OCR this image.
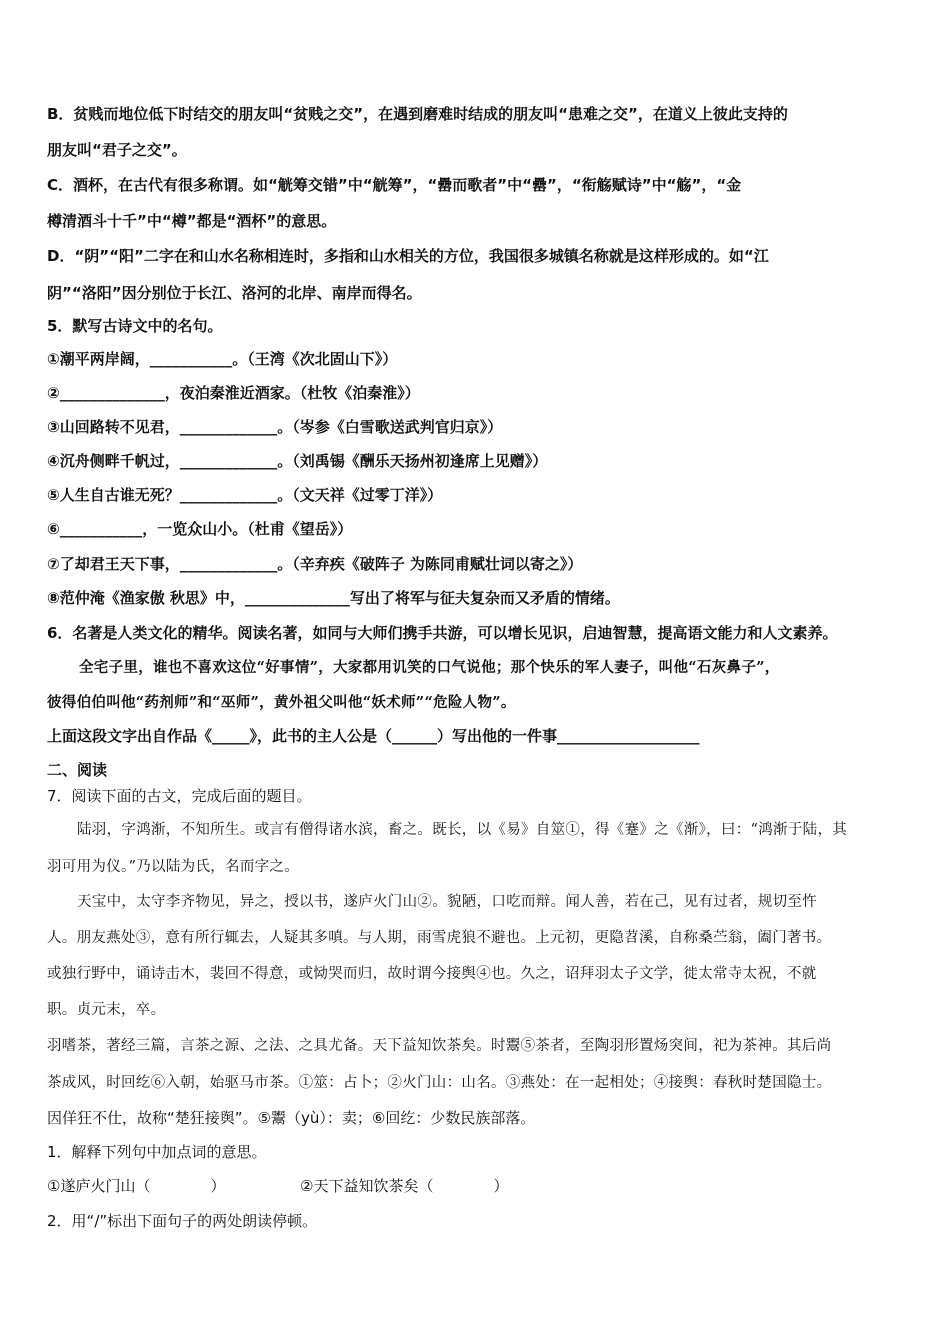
B．贫贱而地位低下时结交的朋友叫“贫贱之交”，在遇到磨难时结成的朋友叫“患难之交”，在道义上彼此支持的
朋友叫“君子之交”。
C．酒杯，在古代有很多称谓。如“觥筹交错”中“觥筹”，“罍而歌者”中“罍”，“衔觞赋诗”中“觞”，“金
樽清酒斗十千”中“樽”都是“酒杯”的意思。
D．“阴”“阳”二字在和山水名称相连时，多指和山水相关的方位，我国很多城镇名称就是这样形成的。如“江
阴”“洛阳”因分别位于长江、洛河的北岸、南岸而得名。
5．默写古诗文中的名句。
①潮平两岸阔，___________。（王湾《次北固山下》）
②______________，夜泊秦淮近酒家。（杜牧《泊秦淮》）
③山回路转不见君，_____________。（岑参《白雪歌送武判官归京》）
④沉舟侧畔千帆过，_____________。（刘禹锡《酬乐天扬州初逢席上见赠》）
⑤人生自古谁无死？_____________。（文天祥《过零丁洋》）
⑥___________，一览众山小。（杜甫《望岳》）
⑦了却君王天下事，_____________。（辛弃疾《破阵子 为陈同甫赋壮词以寄之》）
⑧范仲淹《渔家傲 秋思》中，______________写出了将军与征夫复杂而又矛盾的情绪。
6．名著是人类文化的精华。阅读名著，如同与大师们携手共游，可以增长见识，启迪智慧，提高语文能力和人文素养。
全宅子里，谁也不喜欢这位“好事情”，大家都用讥笑的口气说他；那个快乐的军人妻子，叫他“石灰鼻子”，
彼得伯伯叫他“药剂师”和“巫师”，黄外祖父叫他“妖术师”“危险人物”。
上面这段文字出自作品《_____》，此书的主人公是（______）写出他的一件事___________________
二、阅读
7．阅读下面的古文，完成后面的题目。
陆羽，字鸿渐，不知所生。或言有僧得诸水滨，畜之。既长，以《易》自筮①，得《蹇》之《渐》，曰：“鸿渐于陆，其
羽可用为仪。”乃以陆为氏，名而字之。
天宝中，太守李齐物见，异之，授以书，遂庐火门山②。貌陋，口吃而辩。闻人善，若在己，见有过者，规切至忤
人。朋友燕处③，意有所行辄去，人疑其多嗔。与人期，雨雪虎狼不避也。上元初，更隐苕溪，自称桑苎翁，阖门著书。
或独行野中，诵诗击木，裴回不得意，或恸哭而归，故时谓今接舆④也。久之，诏拜羽太子文学，徙太常寺太祝，不就
职。贞元末，卒。
羽嗜茶，著经三篇，言茶之源、之法、之具尤备。天下益知饮茶矣。时鬻⑤茶者，至陶羽形置炀突间，祀为茶神。其后尚
茶成风，时回纥⑥入朝，始驱马市茶。①筮：占卜；②火门山：山名。③燕处：在一起相处；④接舆：春秋时楚国隐士。
因佯狂不仕，故称“楚狂接舆”。⑤鬻（yù）：卖；⑥回纥：少数民族部落。
1．解释下列句中加点词的意思。
①遂庐火门山（　　　　）	②天下益知饮茶矣（　　　　）
2．用“/”标出下面句子的两处朗读停顿。
